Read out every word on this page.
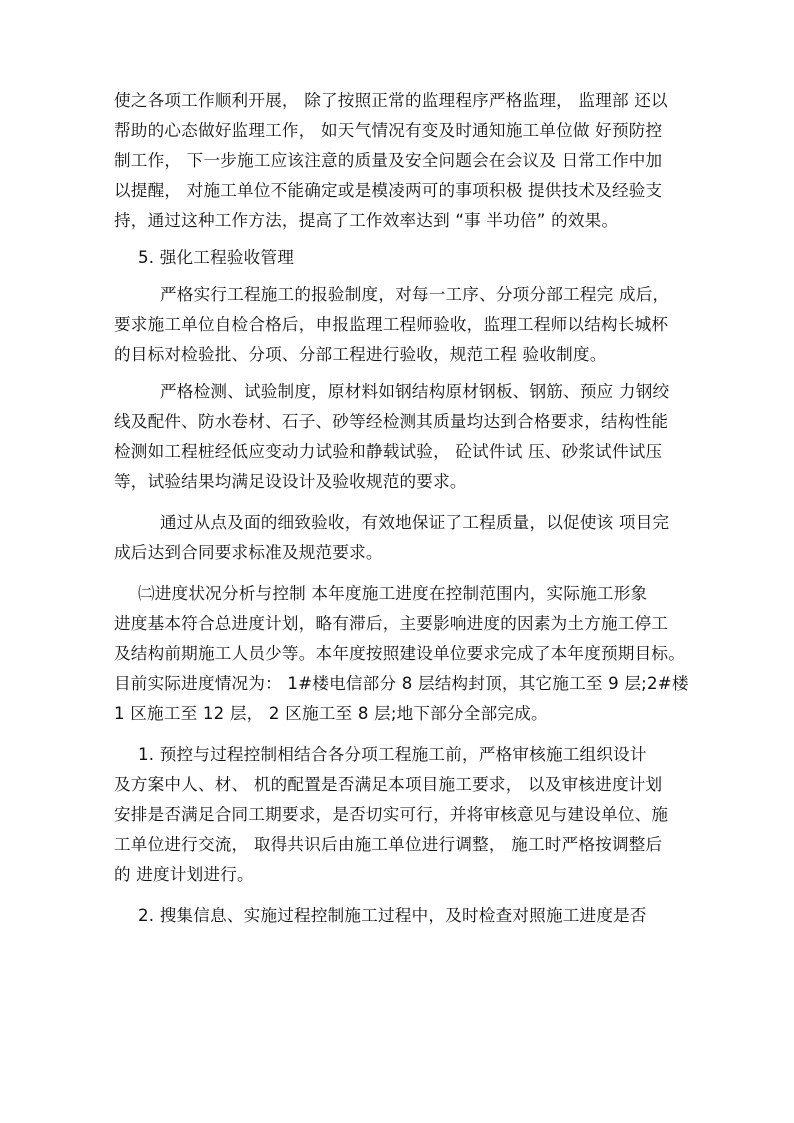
使之各项工作顺利开展， 除了按照正常的监理程序严格监理， 监理部 还以
帮助的心态做好监理工作， 如天气情况有变及时通知施工单位做 好预防控
制工作， 下一步施工应该注意的质量及安全问题会在会议及 日常工作中加
以提醒， 对施工单位不能确定或是模凌两可的事项积极 提供技术及经验支
持，通过这种工作方法，提高了工作效率达到 “事 半功倍” 的效果。
5. 强化工程验收管理
严格实行工程施工的报验制度，对每一工序、分项分部工程完 成后，
要求施工单位自检合格后，申报监理工程师验收，监理工程师以结构长城杯
的目标对检验批、分项、分部工程进行验收，规范工程 验收制度。
严格检测、试验制度，原材料如钢结构原材钢板、钢筋、预应 力钢绞
线及配件、防水卷材、石子、砂等经检测其质量均达到合格要求，结构性能
检测如工程桩经低应变动力试验和静载试验， 砼试件试 压、砂浆试件试压
等，试验结果均满足设设计及验收规范的要求。
通过从点及面的细致验收，有效地保证了工程质量，以促使该 项目完
成后达到合同要求标准及规范要求。
㈡进度状况分析与控制 本年度施工进度在控制范围内，实际施工形象
进度基本符合总进度计划，略有滞后，主要影响进度的因素为土方施工停工
及结构前期施工人员少等。本年度按照建设单位要求完成了本年度预期目标。
目前实际进度情况为： 1#楼电信部分 8 层结构封顶，其它施工至 9 层;2#楼
1 区施工至 12 层， 2 区施工至 8 层;地下部分全部完成。
1. 预控与过程控制相结合各分项工程施工前，严格审核施工组织设计
及方案中人、材、 机的配置是否满足本项目施工要求， 以及审核进度计划
安排是否满足合同工期要求，是否切实可行，并将审核意见与建设单位、施
工单位进行交流， 取得共识后由施工单位进行调整， 施工时严格按调整后
的 进度计划进行。
2. 搜集信息、实施过程控制施工过程中，及时检查对照施工进度是否
